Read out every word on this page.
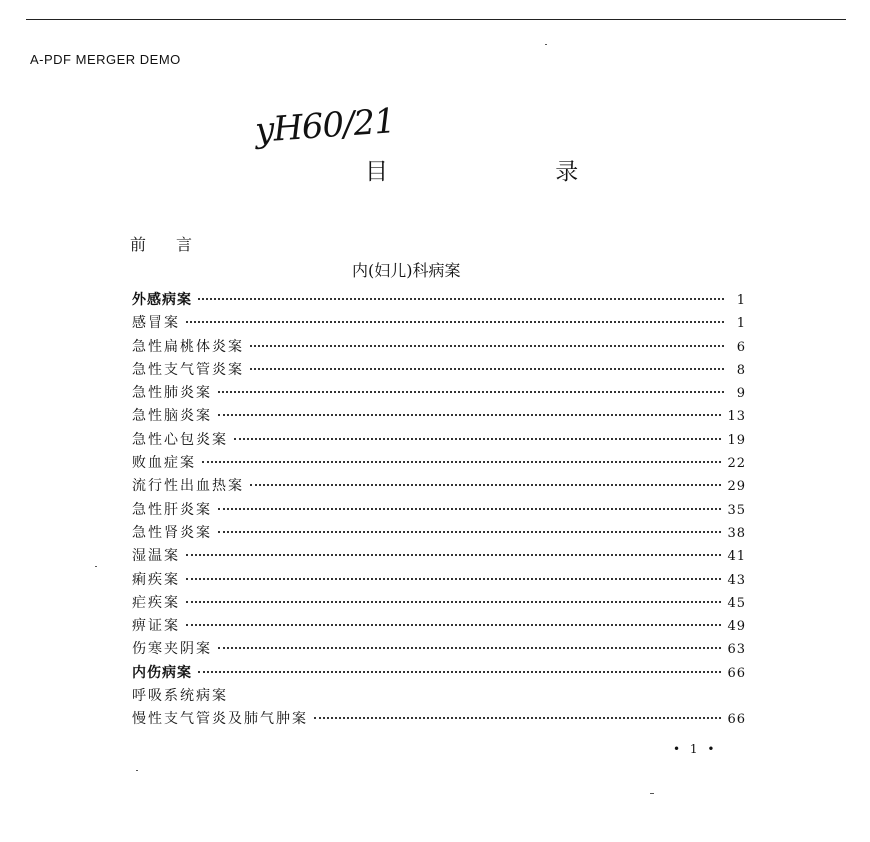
A-PDF MERGER DEMO
yH60/21
目 录
前言
内(妇儿)科病案
外感病案	1
感冒案	1
急性扁桃体炎案	6
急性支气管炎案	8
急性肺炎案	9
急性脑炎案	13
急性心包炎案	19
败血症案	22
流行性出血热案	29
急性肝炎案	35
急性肾炎案	38
湿温案	41
痢疾案	43
疟疾案	45
痹证案	49
伤寒夹阴案	63
内伤病案	66
呼吸系统病案
慢性支气管炎及肺气肿案	66
• 1 •
